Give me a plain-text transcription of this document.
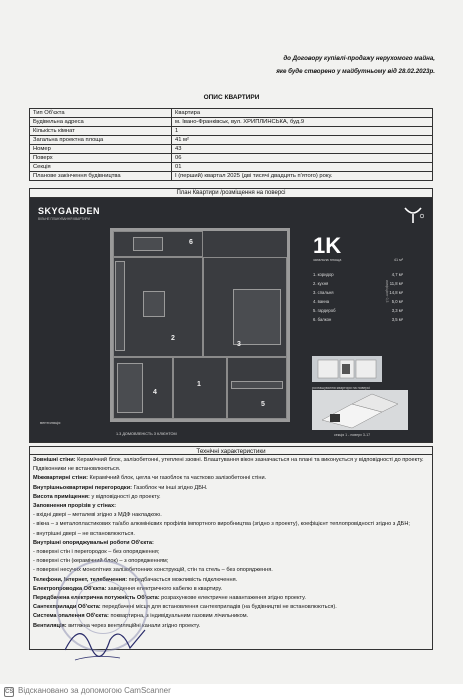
до Договору купівлі-продажу нерухомого майна,
яке буде створено у майбутньому від 28.02.2023р.
ОПИС КВАРТИРИ
Тип Об'єкта	Квартира
Будівельна адреса	м. Івано-Франківськ, вул. ХРИПЛИНСЬКА, буд.9
Кількість кімнат	1
Загальна проектна площа	41 м²
Номер	43
Поверх	06
Секція	01
Планове закінчення будівництва	І (перший) квартал 2025 (дві тисячі двадцять п'ятого) року.
План Квартири /розміщення на поверсі
SKYGARDEN
ВІЛЬНЕ ПЛАНУВАННЯ КВАРТИРИ
6
2
3
1
4
5
1K
загальна площа	41 м²
1. коридор	4,7 м²
2. кухня	11,8 м²
3. спальня	14,8 м²
4. ванна	5,0 м²
5. гардероб	3,3 м²
6. балкон	3,5 м²
коефіцієнт 0,3
розташування квартири на поверсі
секція 1 - поверх 3-17
вентиляція
1.3 ДОМОВЛЕНІСТЬ З КЛІЄНТОМ
Технічні характеристики

Зовнішні стіни: Керамічний блок, залізобетонні, утеплені ззовні. Влаштування вікон зазначається на плані та виконується у відповідності до проекту. Підвіконники не встановлюються.

Міжквартирні стіни: Керамічний блок, цегла чи газоблок та частково залізобетонні стіни.

Внутрішньоквартирні перегородки: Газоблок чи інші згідно ДБН.

Висота приміщення: у відповідності до проекту.

Заповнення прорізів у стінах:

- вхідні двері – металеві згідно з МДФ накладкою.

- вікна – з металопластикових та/або алюмінієвих профілів імпортного виробництва (згідно з проекту), коефіцієнт теплопровідності згідно з ДБН;

- внутрішні двері – не встановлюються.

Внутрішні опоряджувальні роботи Об'єкта:

- поверхні стін і перегородок – без опорядження;

- поверхні стін (керамічний блок) – з опорядженням;

- поверхні несучих монолітних залізобетонних конструкцій, стін та стель – без опорядження.

Телефони, Інтернет, телебачення: передбачається можливість підключення.

Електропроводка Об'єкта: заведення електричного кабелю в квартиру.

Передбачена електрична потужність Об'єкта: розрахункове електричне навантаження згідно проекту.

Сантехприлади Об'єкта: передбачені місця для встановлення сантехприладів (на будівництві не встановлюються).

Система опалення Об'єкта: поквартирна, з індивідуальним газовим лічильником.

Вентиляція: витяжна через вентиляційні канали згідно проекту.

CS Відскановано за допомогою CamScanner
